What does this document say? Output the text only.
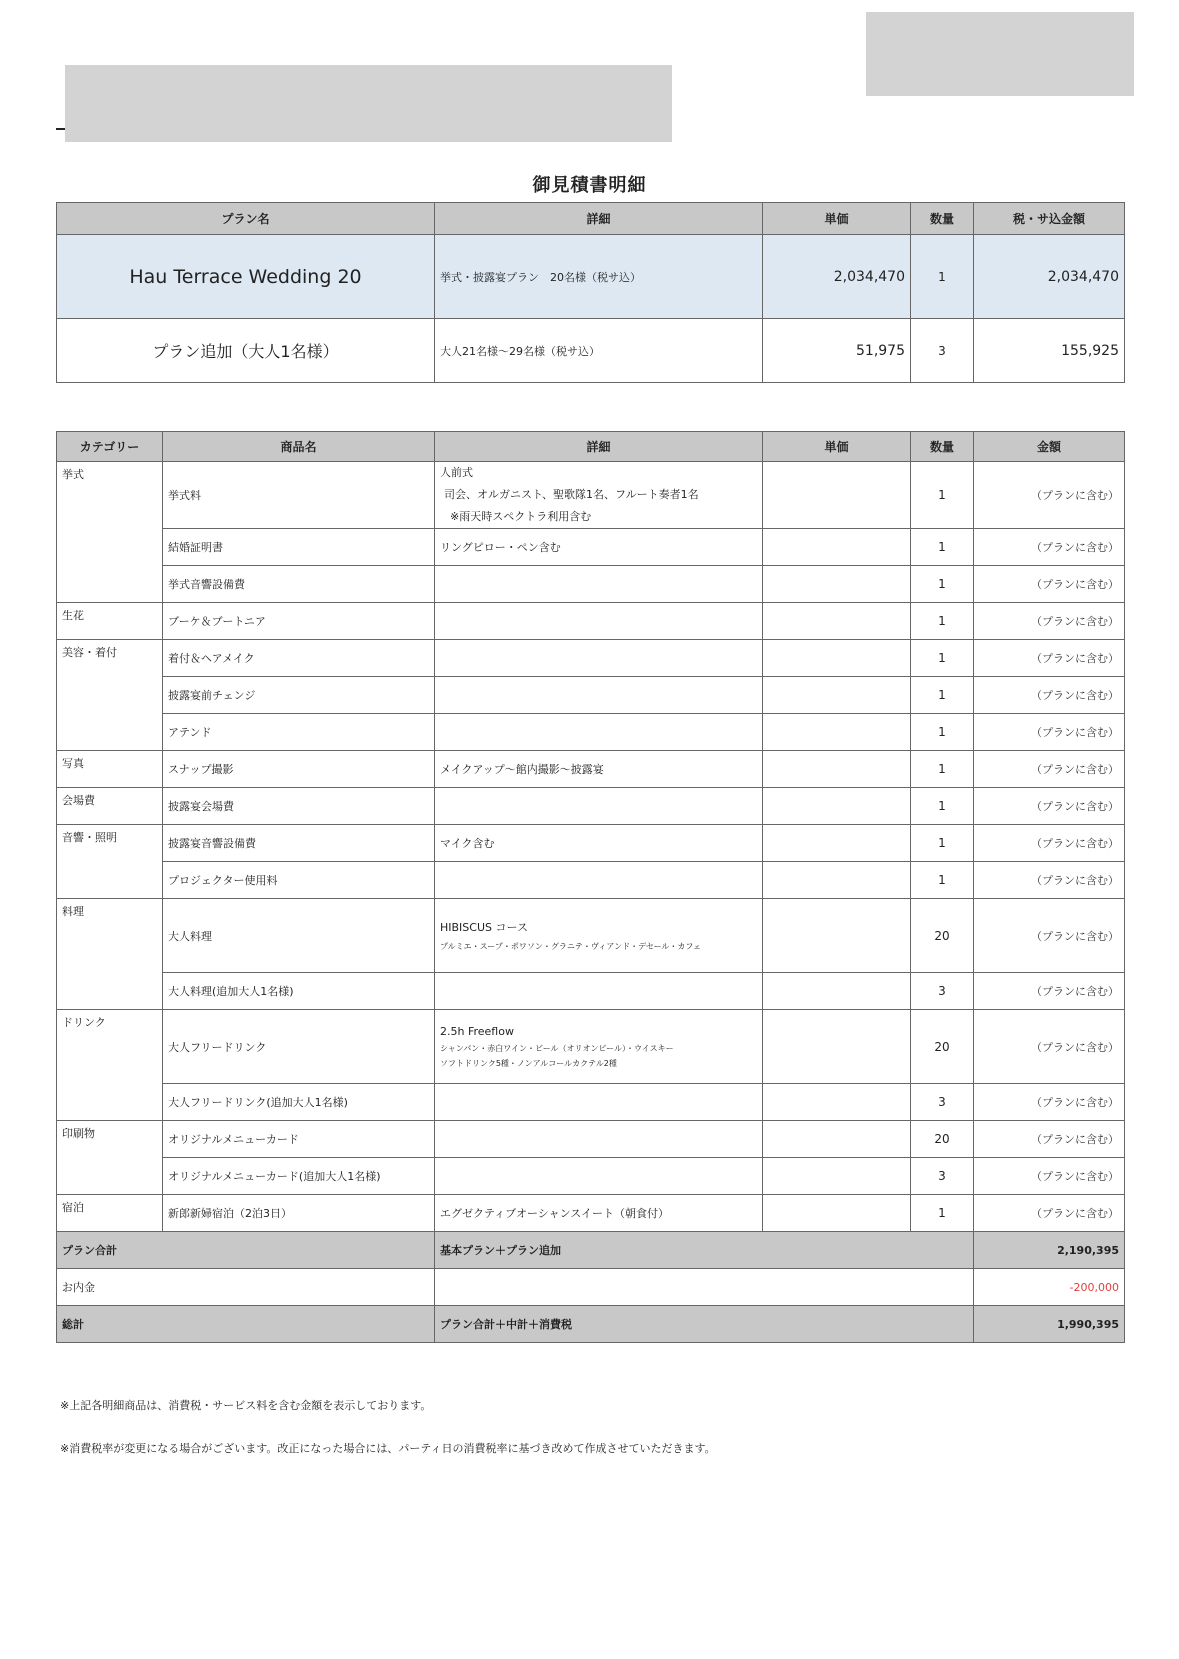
御見積書明細
プラン名	詳細	単価	数量	税・サ込金額
Hau Terrace Wedding 20	挙式・披露宴プラン　20名様（税サ込）	2,034,470	1	2,034,470
プラン追加（大人1名様）	大人21名様～29名様（税サ込）	51,975	3	155,925
カテゴリー	商品名	詳細	単価	数量	金額
挙式	挙式料	人前式
司会、オルガニスト、聖歌隊1名、フルート奏者1名
※雨天時スペクトラ利用含む		1	（プランに含む）
	結婚証明書	リングピロー・ペン含む		1	（プランに含む）
	挙式音響設備費			1	（プランに含む）
生花	ブーケ＆ブートニア			1	（プランに含む）
美容・着付	着付＆ヘアメイク			1	（プランに含む）
	披露宴前チェンジ			1	（プランに含む）
	アテンド			1	（プランに含む）
写真	スナップ撮影	メイクアップ～館内撮影～披露宴		1	（プランに含む）
会場費	披露宴会場費			1	（プランに含む）
音響・照明	披露宴音響設備費	マイク含む		1	（プランに含む）
	プロジェクター使用料			1	（プランに含む）
料理	大人料理	HIBISCUS コース
プルミエ・スープ・ポワソン・グラニテ・ヴィアンド・デセール・カフェ		20	（プランに含む）
	大人料理(追加大人1名様)			3	（プランに含む）
ドリンク	大人フリードリンク	2.5h Freeflow
シャンパン・赤白ワイン・ビール（オリオンビール）・ウイスキー
ソフトドリンク5種・ノンアルコールカクテル2種		20	（プランに含む）
	大人フリードリンク(追加大人1名様)			3	（プランに含む）
印刷物	オリジナルメニューカード			20	（プランに含む）
	オリジナルメニューカード(追加大人1名様)			3	（プランに含む）
宿泊	新郎新婦宿泊（2泊3日）	エグゼクティブオーシャンスイート（朝食付）		1	（プランに含む）
プラン合計		基本プラン＋プラン追加			2,190,395
お内金					-200,000
総計		プラン合計＋中計＋消費税			1,990,395
※上記各明細商品は、消費税・サービス料を含む金額を表示しております。
※消費税率が変更になる場合がございます。改正になった場合には、パーティ日の消費税率に基づき改めて作成させていただきます。
